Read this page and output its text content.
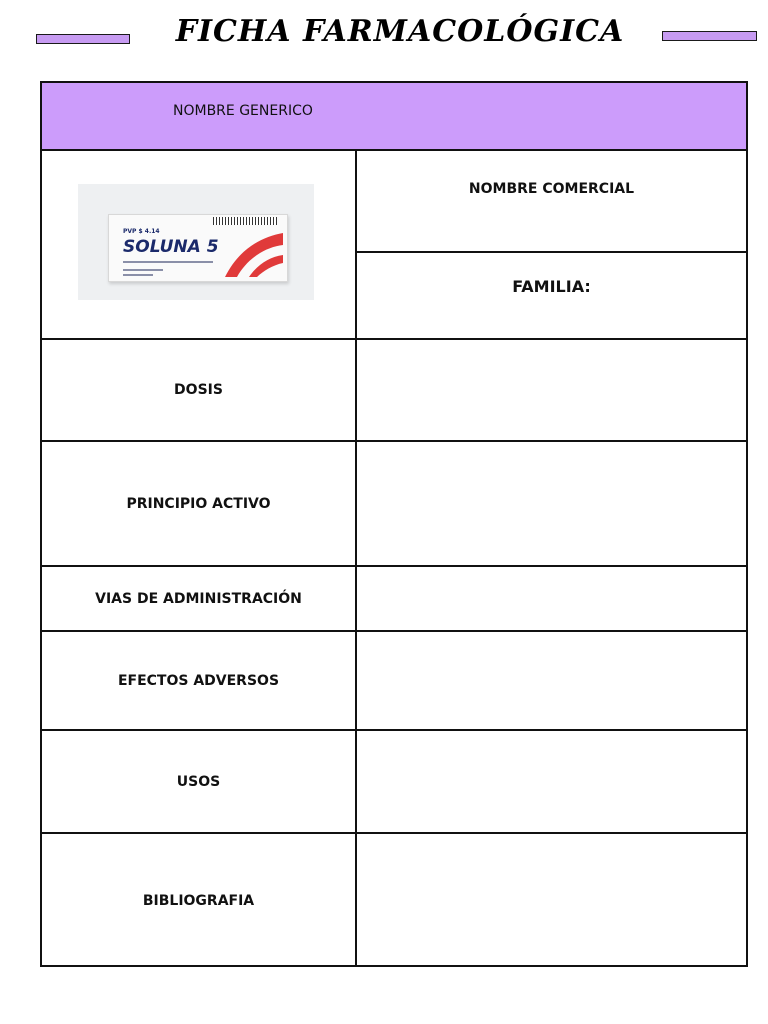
FICHA FARMACOLÓGICA
NOMBRE GENERICO
PVP $ 4.14
SOLUNA 5
NOMBRE COMERCIAL
FAMILIA:
DOSIS
PRINCIPIO ACTIVO
VIAS DE ADMINISTRACIÓN
EFECTOS ADVERSOS
USOS
BIBLIOGRAFIA
